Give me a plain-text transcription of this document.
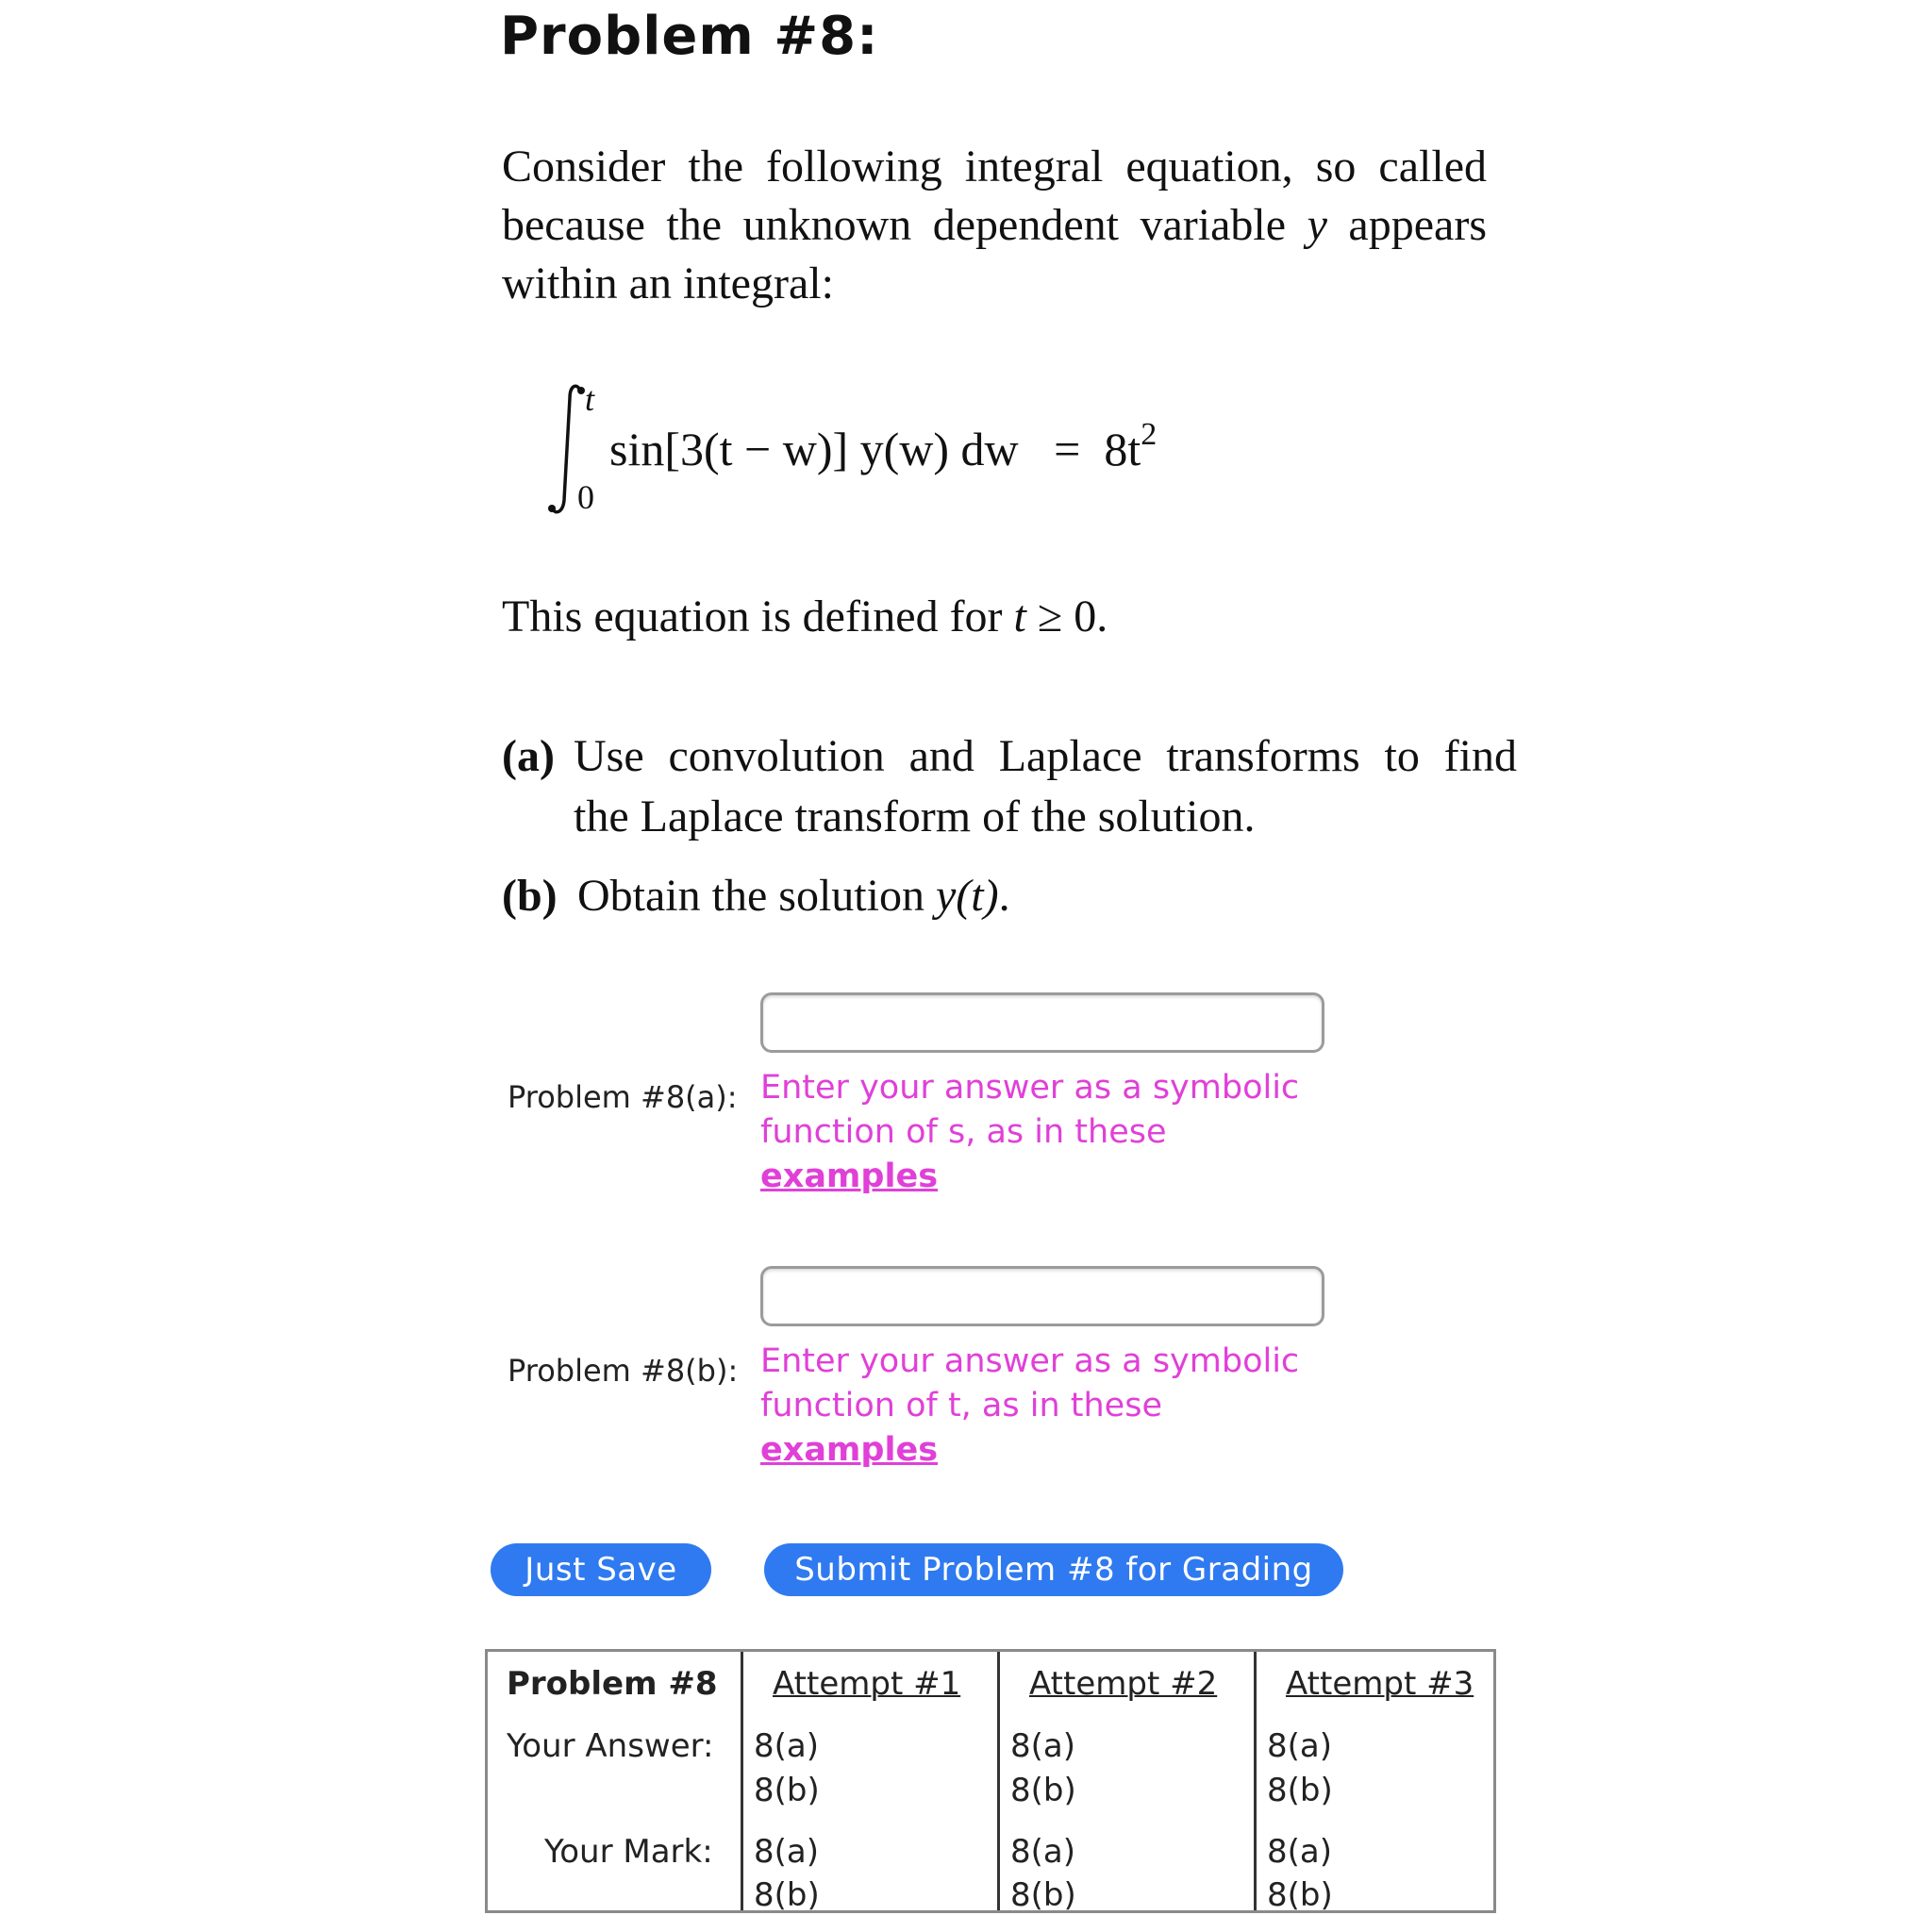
Problem #8:
Consider the following integral equation, so called
because the unknown dependent variable y appears
within an integral:
t
0
sin[3(t − w)] y(w) dw = $8t^2$
This equation is defined for t ≥ 0.
(a) Use convolution and Laplace transforms to find
the Laplace transform of the solution.
(b) Obtain the solution y(t).
Problem #8(a): Enter your answer as a symbolic
function of s, as in these
examples
Problem #8(b): Enter your answer as a symbolic
function of t, as in these
examples
Just Save	Submit Problem #8 for Grading
Problem #8 Attempt #1 Attempt #2 Attempt #3
Your Answer: 8(a)
8(b)
8(a)
8(b)
8(a)
8(b)
Your Mark: 8(a)
8(b)
8(a)
8(b)
8(a)
8(b)
